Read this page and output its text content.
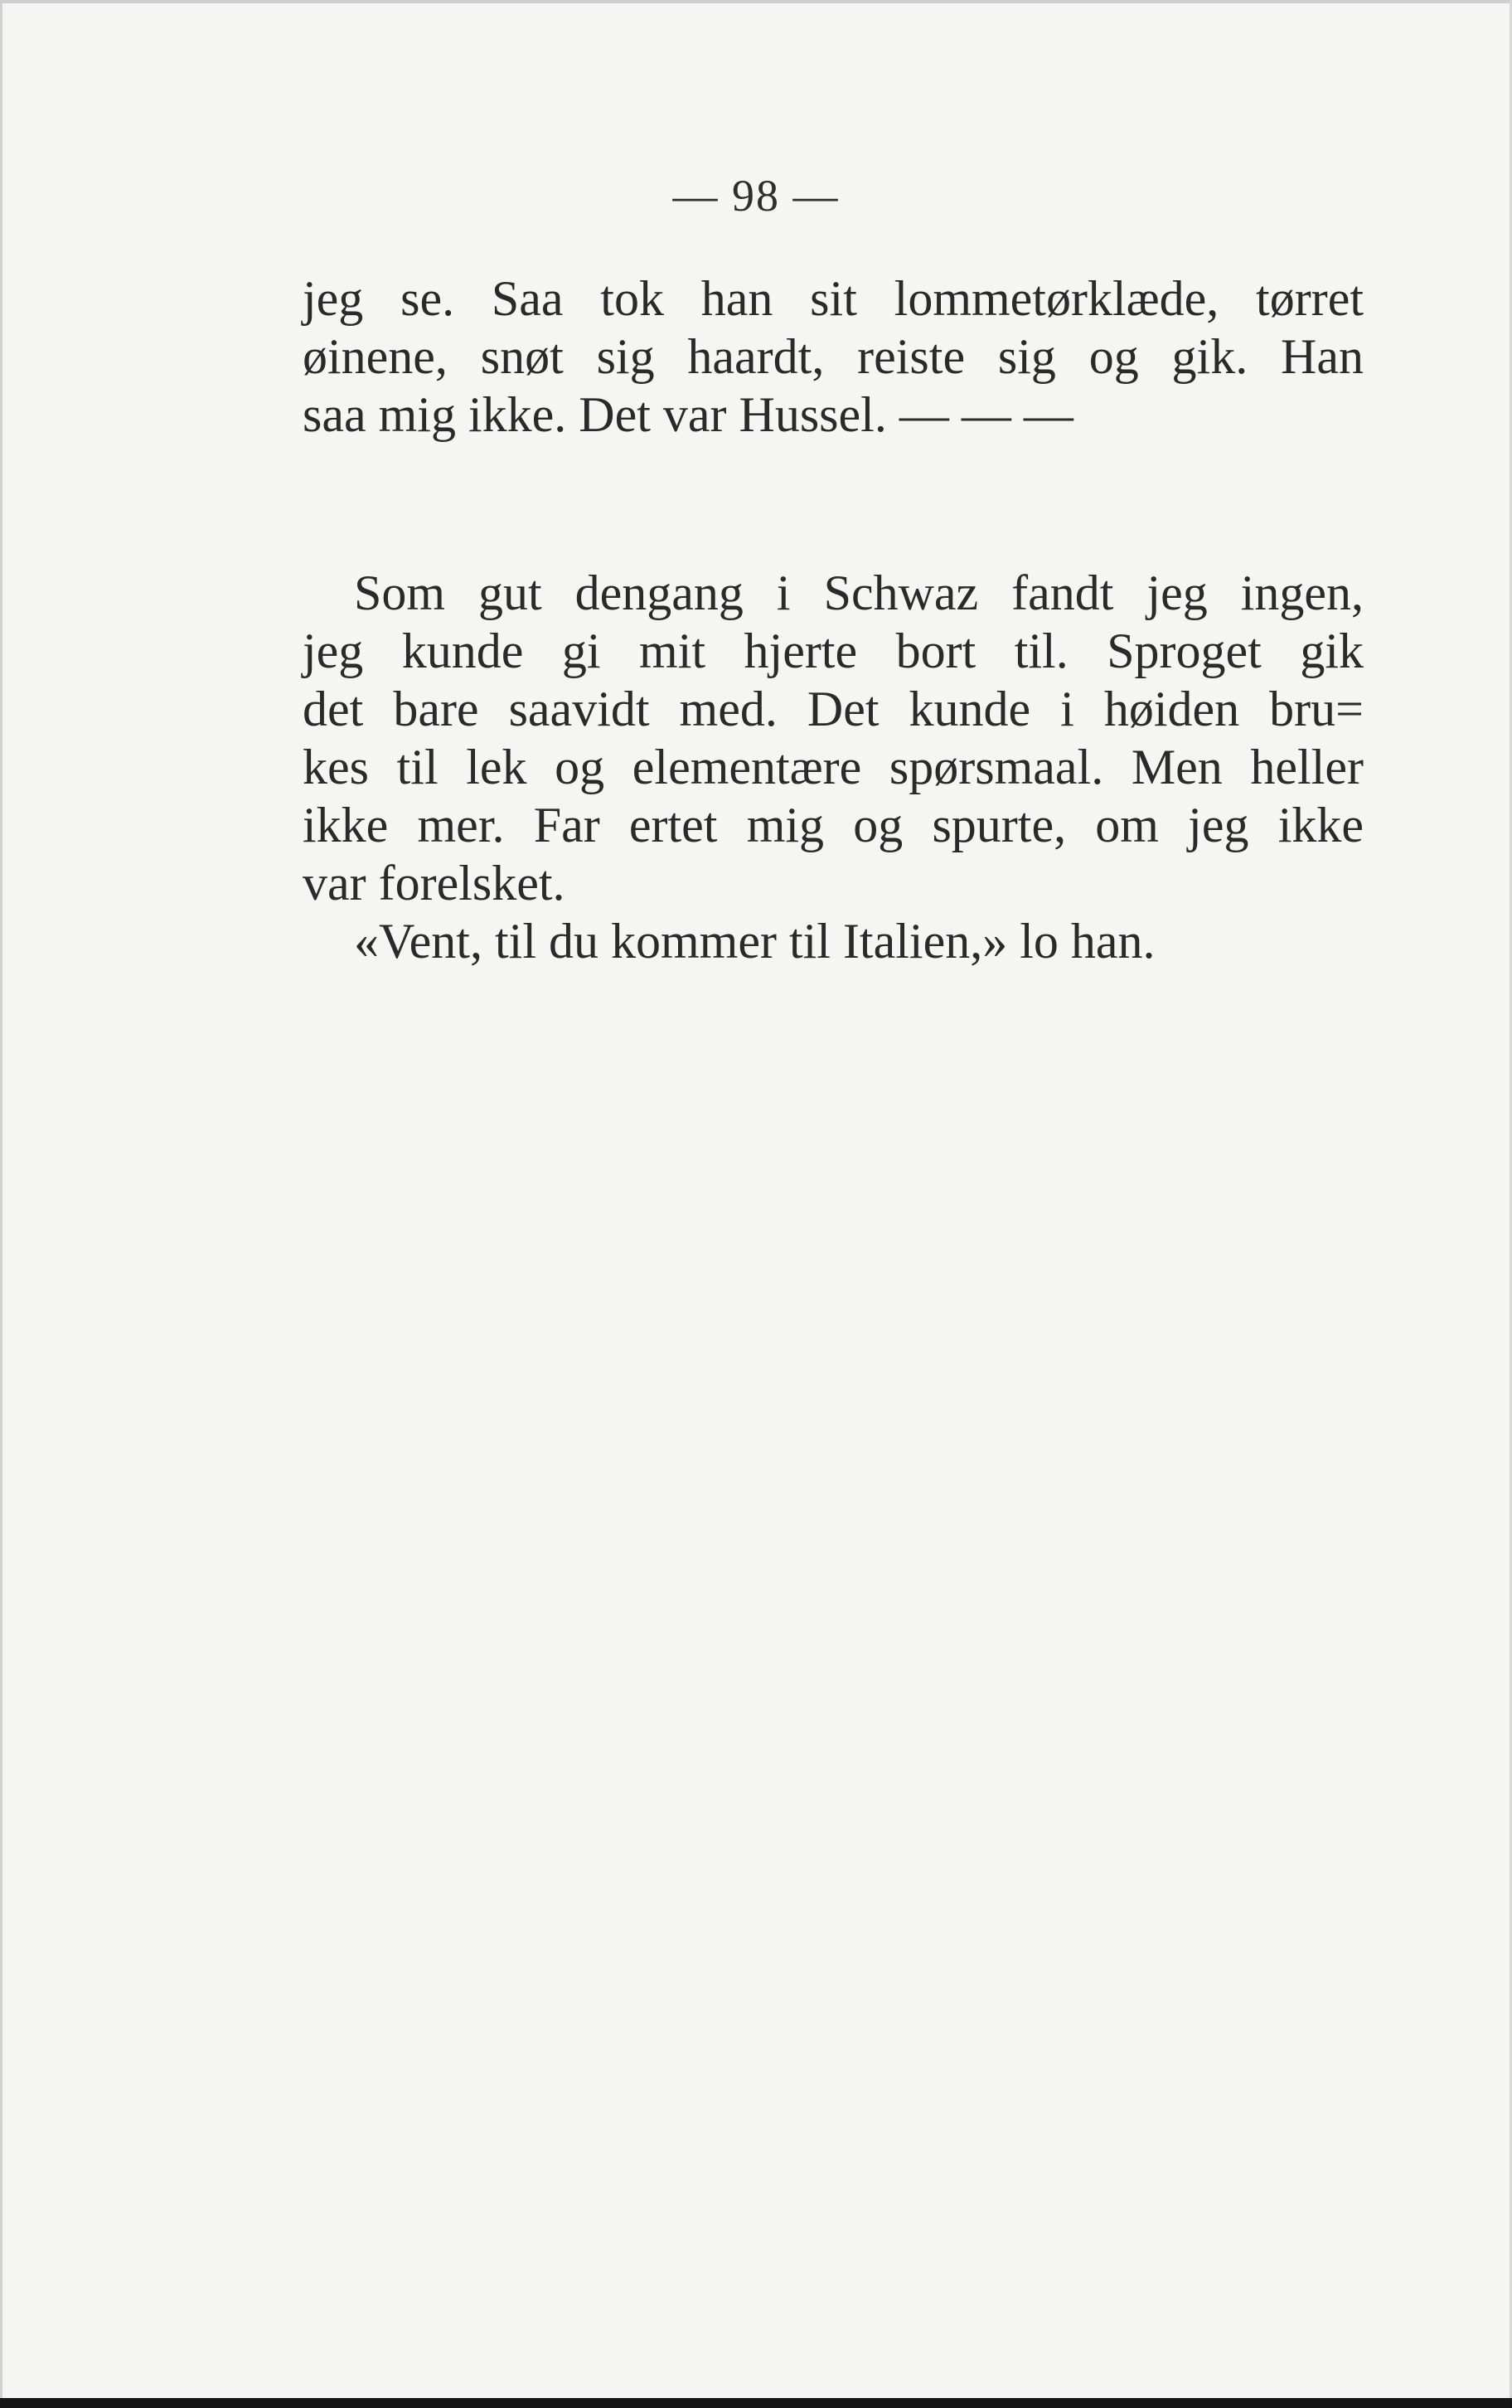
— 98 —
jeg se. Saa tok han sit lommetørklæde, tørret
øinene, snøt sig haardt, reiste sig og gik. Han
saa mig ikke. Det var Hussel. — — —
Som gut dengang i Schwaz fandt jeg ingen,
jeg kunde gi mit hjerte bort til. Sproget gik
det bare saavidt med. Det kunde i høiden bru=
kes til lek og elementære spørsmaal. Men heller
ikke mer. Far ertet mig og spurte, om jeg ikke
var forelsket.
«Vent, til du kommer til Italien,» lo han.
